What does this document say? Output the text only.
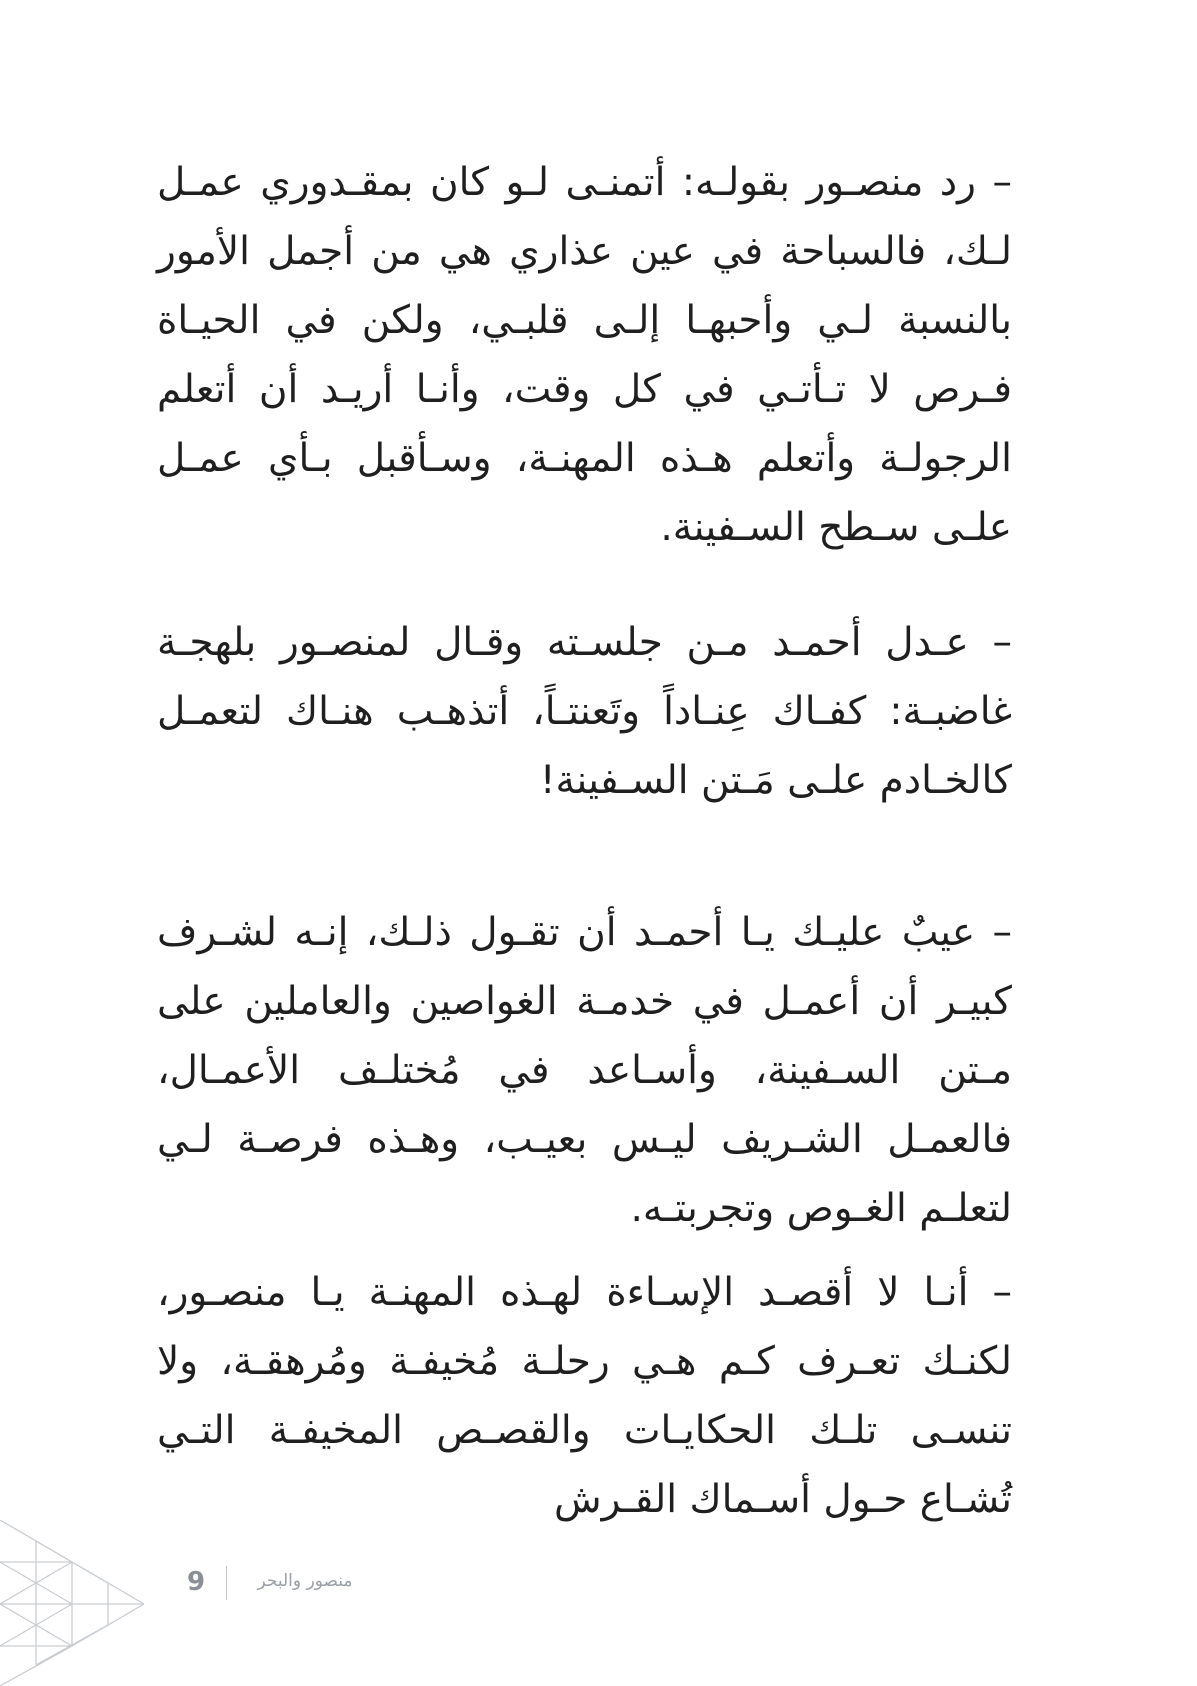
– رد منصـور بقولـه: أتمنـى لـو كان بمقـدوري عمـل لـك، فالسباحة في عين عذاري هي من أجمل الأمور بالنسبة لـي وأحبهـا إلـى قلبـي، ولكن في الحيـاة فـرص لا تـأتـي في كل وقت، وأنـا أريـد أن أتعلم الرجولـة وأتعلم هـذه المهنـة، وسـأقبل بـأي عمـل علـى سـطح السـفينة.

– عـدل أحمـد مـن جلسـته وقـال لمنصـور بلهجـة غاضبـة: كفـاك عِنـاداً وتَعنتـاً، أتذهـب هنـاك لتعمـل كالخـادم علـى مَـتن السـفينة!

– عيبٌ عليـك يـا أحمـد أن تقـول ذلـك، إنـه لشـرف كبيـر أن أعمـل في خدمـة الغواصين والعاملين على مـتن السـفينة، وأسـاعد في مُختلـف الأعمـال، فالعمـل الشـريف ليـس بعيـب، وهـذه فرصـة لـي لتعلـم الغـوص وتجربتـه.

– أنـا لا أقصـد الإسـاءة لهـذه المهنـة يـا منصـور، لكنـك تعـرف كـم هـي رحلـة مُخيفـة ومُرهقـة، ولا تنسـى تلـك الحكايـات والقصـص المخيفـة التـي تُشـاع حـول أسـماك القـرش

9	منصور والبحر
